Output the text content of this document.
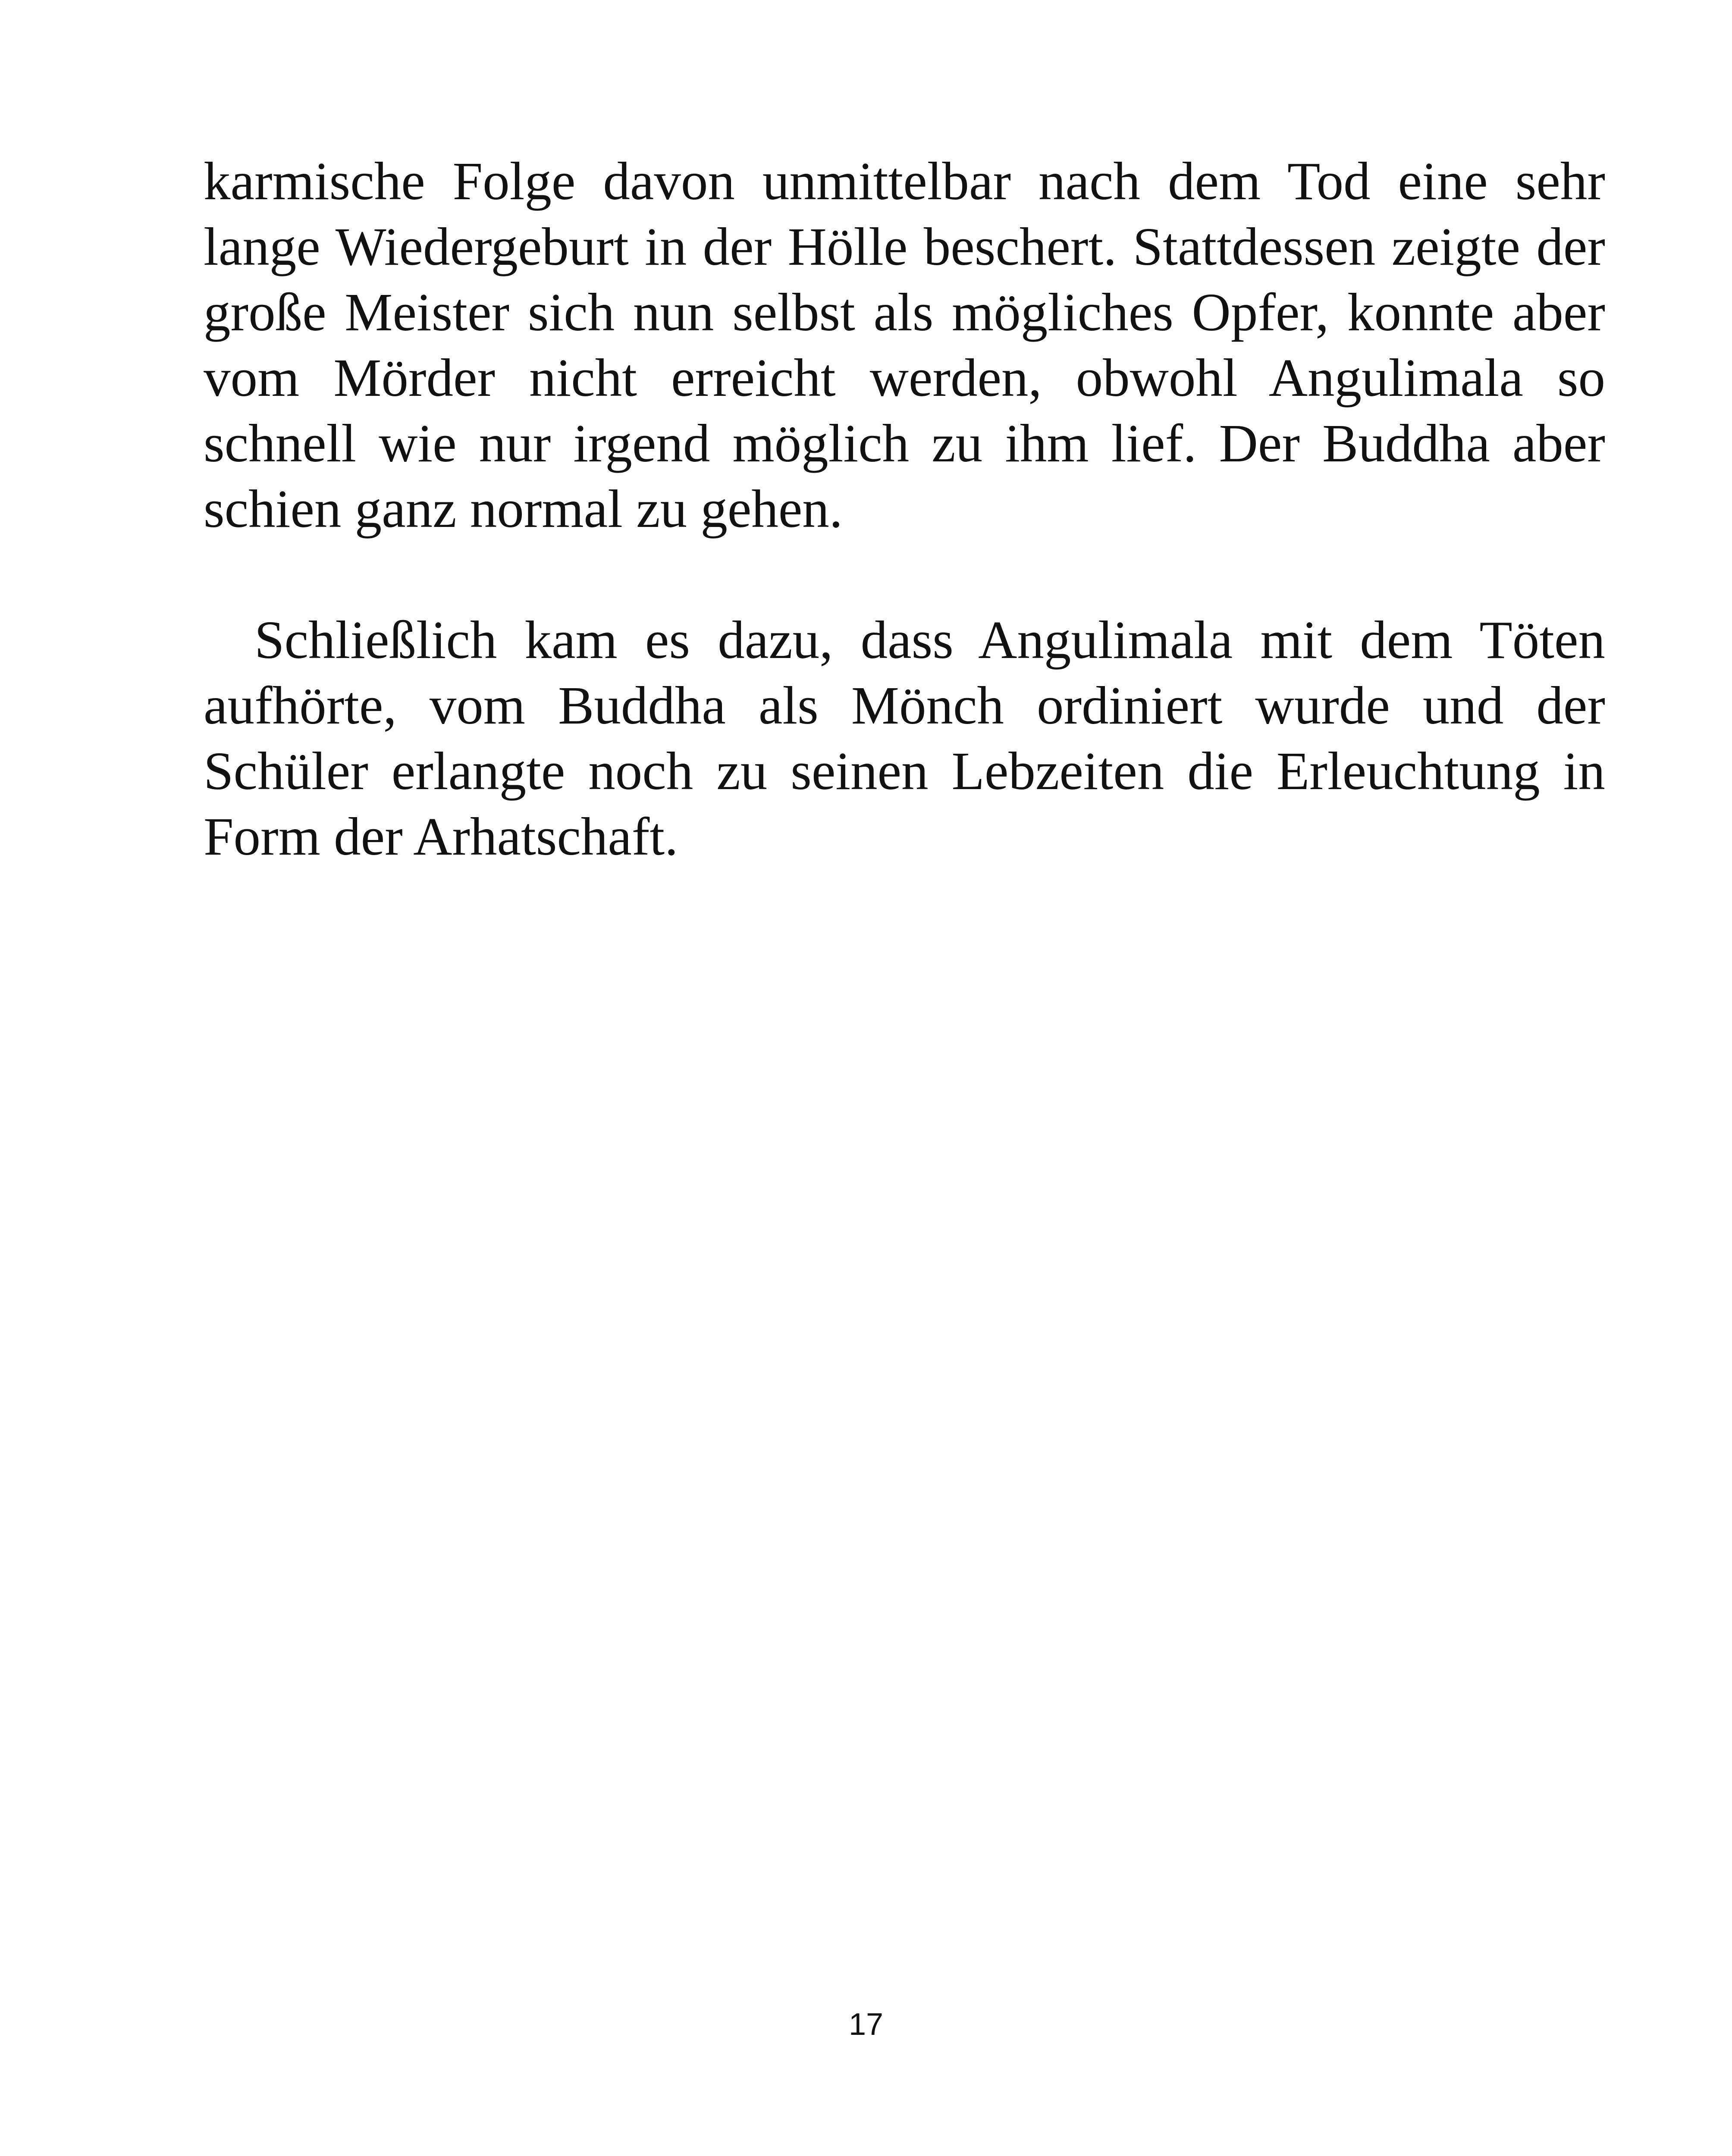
karmische Folge davon unmittelbar nach dem Tod eine sehr lange Wiedergeburt in der Hölle beschert. Stattdessen zeigte der große Meister sich nun selbst als mögliches Opfer, konnte aber vom Mörder nicht erreicht werden, obwohl Angulimala so schnell wie nur irgend möglich zu ihm lief. Der Buddha aber schien ganz normal zu gehen.

Schließlich kam es dazu, dass Angulimala mit dem Töten aufhörte, vom Buddha als Mönch ordiniert wurde und der Schüler erlangte noch zu seinen Lebzeiten die Erleuchtung in Form der Arhatschaft.

17
